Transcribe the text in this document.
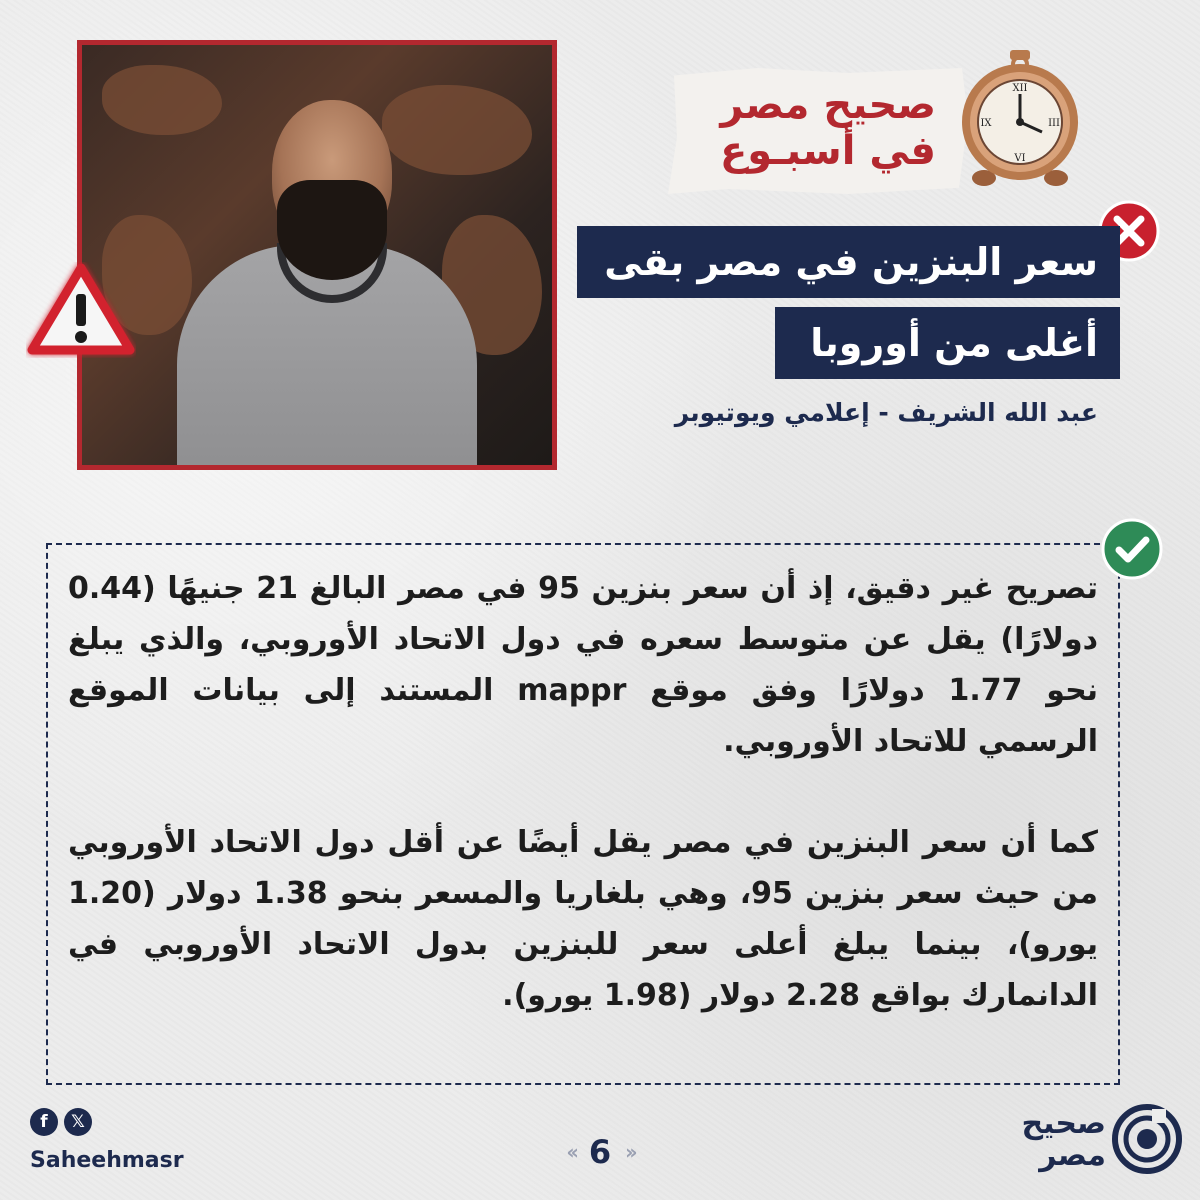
صحيح مصر
في أسبـوع
XII
VI
III
IX
سعر البنزين في مصر بقى
أغلى من أوروبا
عبد الله الشريف - إعلامي ويوتيوبر

تصريح غير دقيق، إذ أن سعر بنزين 95 في مصر البالغ 21 جنيهًا (0.44 دولارًا) يقل عن متوسط سعره في دول الاتحاد الأوروبي، والذي يبلغ نحو 1.77 دولارًا وفق موقع mappr المستند إلى بيانات الموقع الرسمي للاتحاد الأوروبي.

كما أن سعر البنزين في مصر يقل أيضًا عن أقل دول الاتحاد الأوروبي من حيث سعر بنزين 95، وهي بلغاريا والمسعر بنحو 1.38 دولار (1.20 يورو)، بينما يبلغ أعلى سعر للبنزين بدول الاتحاد الأوروبي في الدانمارك بواقع 2.28 دولار (1.98 يورو).

f	𝕏
Saheehmasr	‹‹ 6 ››
صحيح
مصر
